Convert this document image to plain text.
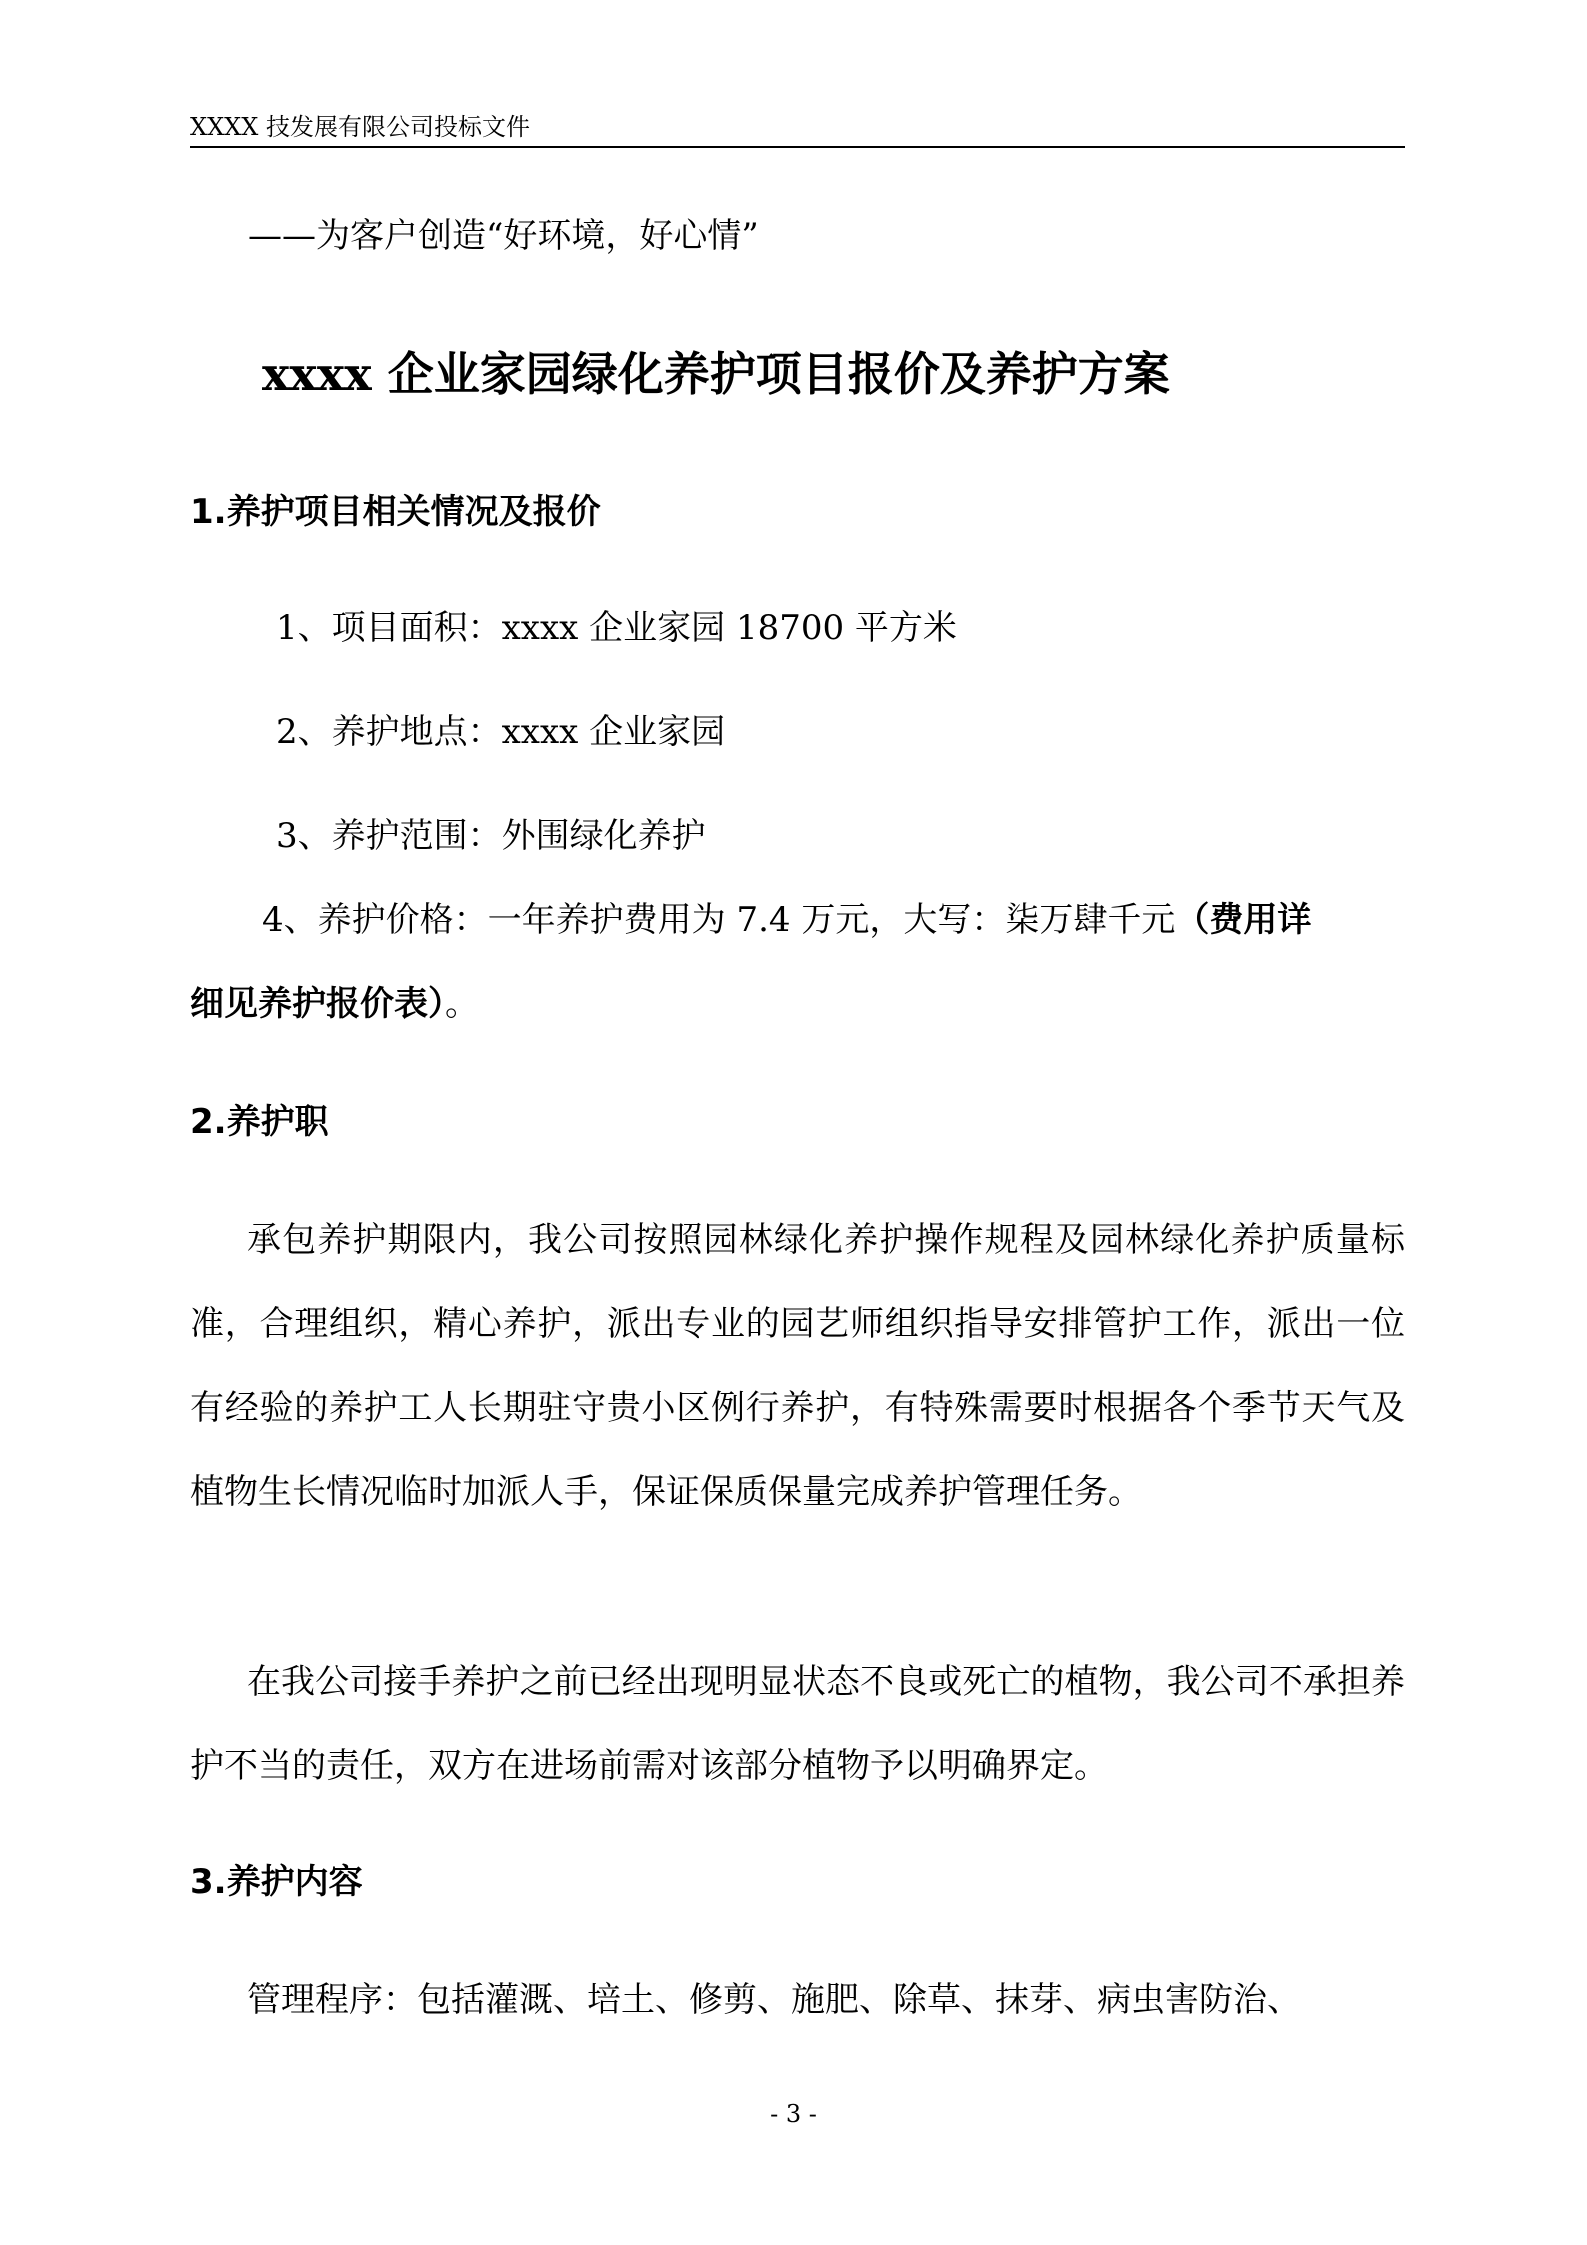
XXXX 技发展有限公司投标文件
——为客户创造“好环境，好心情”
xxxx 企业家园绿化养护项目报价及养护方案
1.养护项目相关情况及报价
1、项目面积：xxxx 企业家园 18700 平方米
2、养护地点：xxxx 企业家园
3、养护范围：外围绿化养护
4、养护价格：一年养护费用为 7.4 万元，大写：柒万肆千元（费用详
细见养护报价表）。
2.养护职
承包养护期限内，我公司按照园林绿化养护操作规程及园林绿化养护质量标准，合理组织，精心养护，派出专业的园艺师组织指导安排管护工作，派出一位有经验的养护工人长期驻守贵小区例行养护，有特殊需要时根据各个季节天气及植物生长情况临时加派人手，保证保质保量完成养护管理任务。
在我公司接手养护之前已经出现明显状态不良或死亡的植物，我公司不承担养护不当的责任，双方在进场前需对该部分植物予以明确界定。
3.养护内容
管理程序：包括灌溉、培土、修剪、施肥、除草、抹芽、病虫害防治、
- 3 -
